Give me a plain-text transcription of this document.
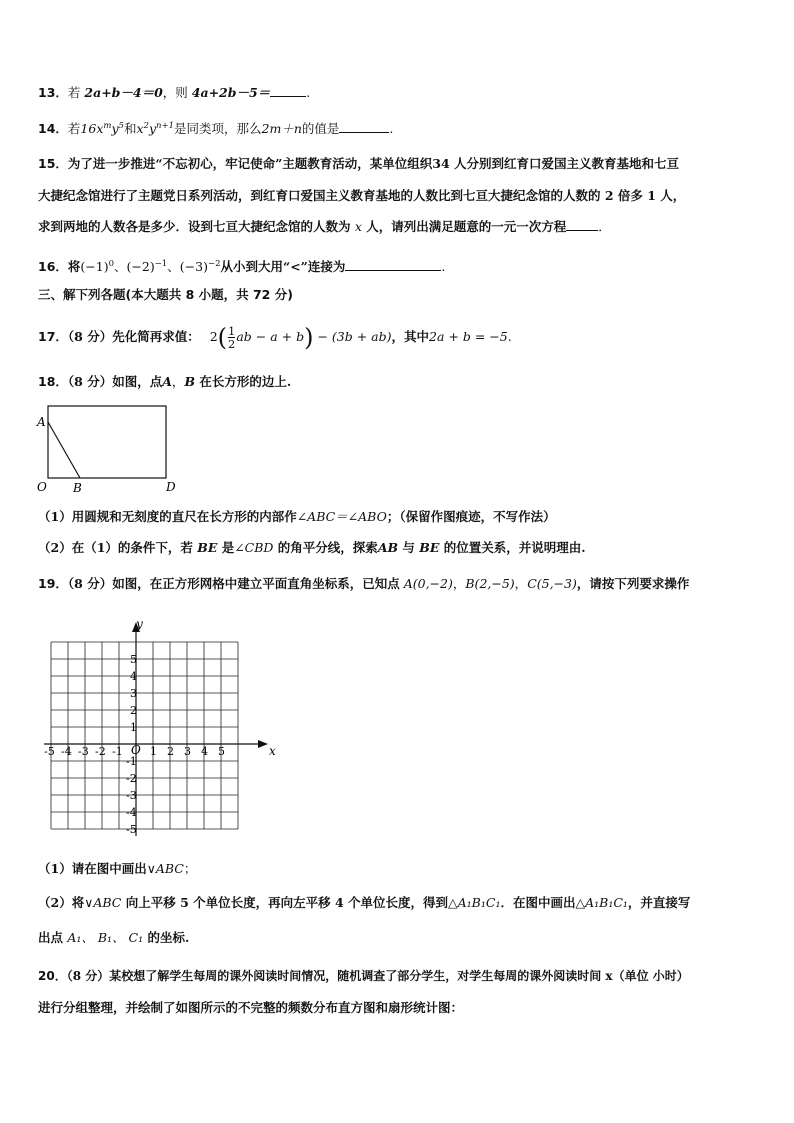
13．若 2a+b－4＝0，则 4a+2b－5＝	.
14．若$16x^my^5$和$x^2y^{n+1}$是同类项，那么2m＋n的值是	.
15．为了进一步推进“不忘初心，牢记使命”主题教育活动，某单位组织34 人分别到红育口爱国主义教育基地和七亘
大捷纪念馆进行了主题党日系列活动，到红育口爱国主义教育基地的人数比到七亘大捷纪念馆的人数的 2 倍多 1 人，
求到两地的人数各是多少．设到七亘大捷纪念馆的人数为 x 人，请列出满足题意的一元一次方程	．
16．将$(-1)^0$、$(-2)^{-1}$、$(-3)^{-2}$从小到大用“<”连接为	.
三、解下列各题(本大题共 8 小题，共 72 分)
17．（8 分）先化简再求值： $2( \frac{1}{2}$ ab − a + b) − (3b + ab)，其中2a + b = −5.
18．（8 分）如图，点A，B 在长方形的边上.
A
O B	D
（1）用圆规和无刻度的直尺在长方形的内部作∠ABC＝∠ABO；（保留作图痕迹，不写作法）
（2）在（1）的条件下，若 BE 是∠CBD 的角平分线，探索AB 与 BE 的位置关系，并说明理由.
19．（8 分）如图，在正方形网格中建立平面直角坐标系，已知点 A(0,−2)，B(2,−5)，C(5,−3)，请按下列要求操作
x
y
O
-5 -4 -3 -2 -1 1 2 3 4 5
5
4
3
2
1
-1
-2
-3
-4
-5
（1）请在图中画出∨ABC；
（2）将∨ABC 向上平移 5 个单位长度，再向左平移 4 个单位长度，得到△A₁B₁C₁．在图中画出△A₁B₁C₁，并直接写
出点 A₁、 B₁、 C₁ 的坐标.
20．（8 分）某校想了解学生每周的课外阅读时间情况，随机调查了部分学生，对学生每周的课外阅读时间 x（单位 小时）
进行分组整理，并绘制了如图所示的不完整的频数分布直方图和扇形统计图：
